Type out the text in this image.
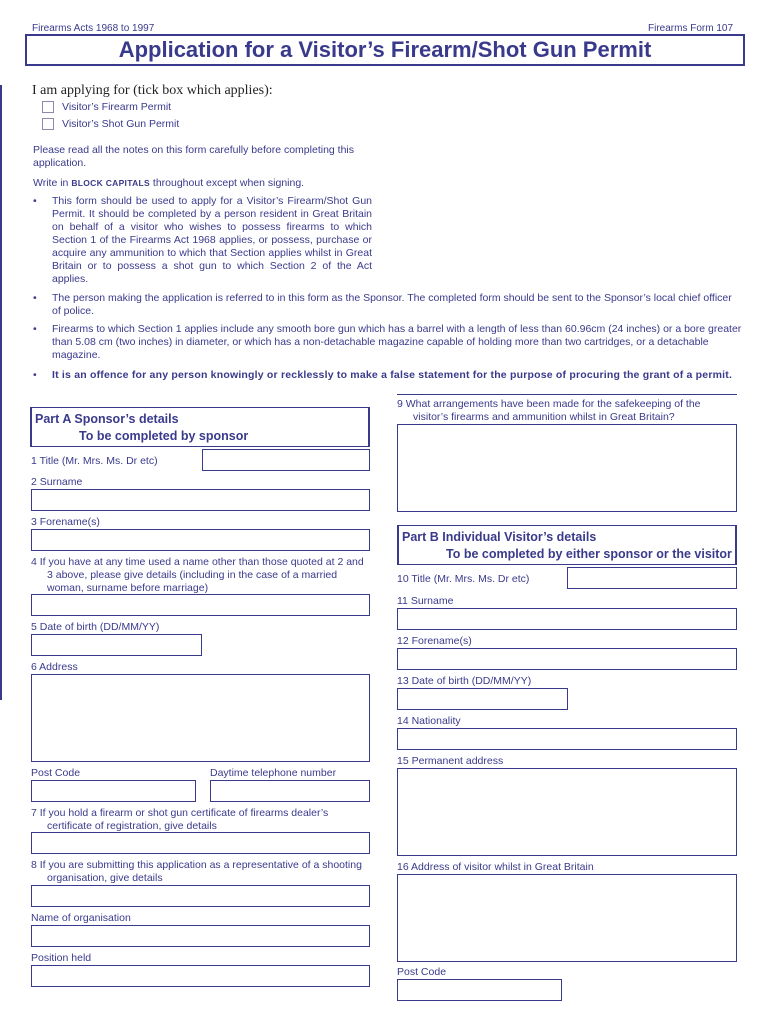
Firearms Acts 1968 to 1997	Firearms Form 107
Application for a Visitor’s Firearm/Shot Gun Permit
I am applying for (tick box which applies):
Visitor’s Firearm Permit
Visitor’s Shot Gun Permit
Please read all the notes on this form carefully before completing this application.
Write in BLOCK CAPITALS throughout except when signing.
• This form should be used to apply for a Visitor’s Firearm/Shot Gun Permit. It should be completed by a person resident in Great Britain on behalf of a visitor who wishes to possess firearms to which Section 1 of the Firearms Act 1968 applies, or possess, purchase or acquire any ammunition to which that Section applies whilst in Great Britain or to possess a shot gun to which Section 2 of the Act applies.
• The person making the application is referred to in this form as the Sponsor. The completed form should be sent to the Sponsor’s local chief officer of police.
• Firearms to which Section 1 applies include any smooth bore gun which has a barrel with a length of less than 60.96cm (24 inches) or a bore greater than 5.08 cm (two inches) in diameter, or which has a non-detachable magazine capable of holding more than two cartridges, or a detachable magazine.
• It is an offence for any person knowingly or recklessly to make a false statement for the purpose of procuring the grant of a permit.
Part A Sponsor’s details
To be completed by sponsor
1 Title (Mr. Mrs. Ms. Dr etc)
2 Surname
3 Forename(s)
4 If you have at any time used a name other than those quoted at 2 and 3 above, please give details (including in the case of a married woman, surname before marriage)
5 Date of birth (DD/MM/YY)
6 Address
Post Code	Daytime telephone number
7 If you hold a firearm or shot gun certificate of firearms dealer’s certificate of registration, give details
8 If you are submitting this application as a representative of a shooting organisation, give details
Name of organisation
Position held
9 What arrangements have been made for the safekeeping of the visitor’s firearms and ammunition whilst in Great Britain?
Part B Individual Visitor’s details
To be completed by either sponsor or the visitor
10 Title (Mr. Mrs. Ms. Dr etc)
11 Surname
12 Forename(s)
13 Date of birth (DD/MM/YY)
14 Nationality
15 Permanent address
16 Address of visitor whilst in Great Britain
Post Code
